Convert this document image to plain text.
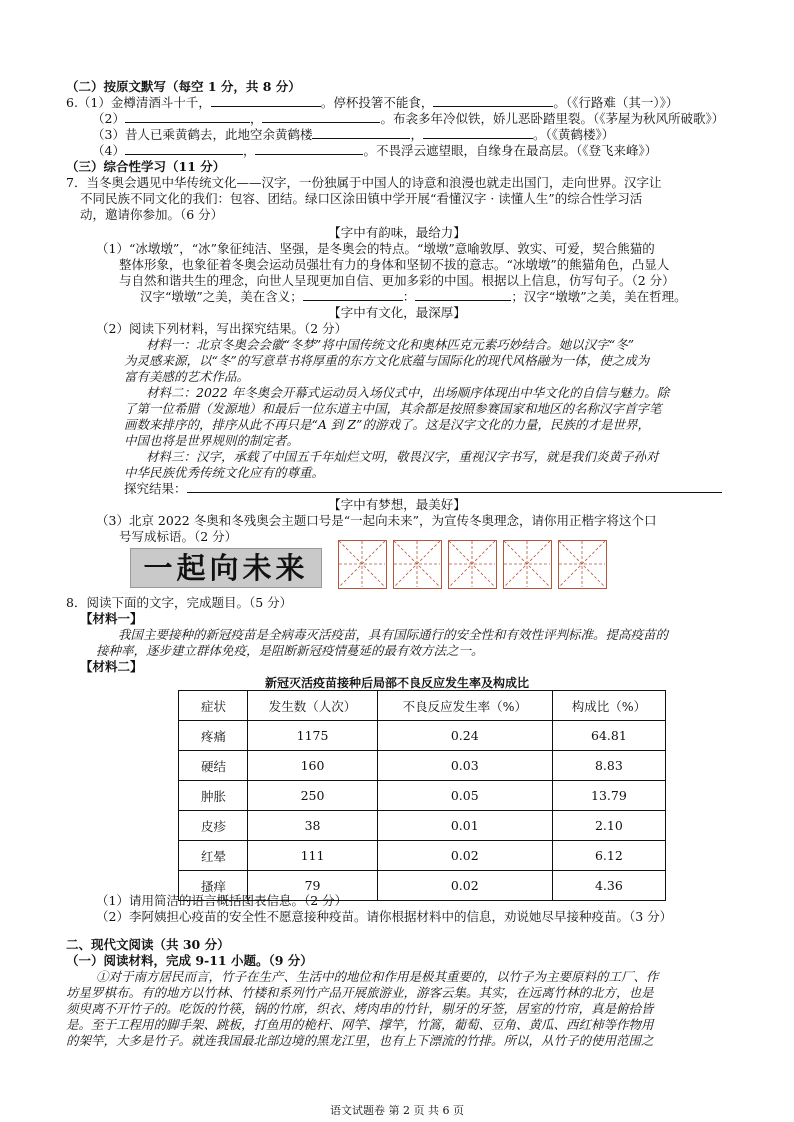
（二）按原文默写（每空 1 分，共 8 分）
6.（1）金樽清酒斗十千，	。停杯投箸不能食，	。（《行路难（其一）》）
（2）	，	。布衾多年冷似铁，娇儿恶卧踏里裂。（《茅屋为秋风所破歌》）
（3）昔人已乘黄鹤去，此地空余黄鹤楼	，	。（《黄鹤楼》）
（4）	，	。不畏浮云遮望眼，自缘身在最高层。（《登飞来峰》）
（三）综合性学习（11 分）
7．当冬奥会遇见中华传统文化——汉字，一份独属于中国人的诗意和浪漫也就走出国门，走向世界。汉字让
不同民族不同文化的我们：包容、团结。绿口区涂田镇中学开展“看懂汉字 · 读懂人生”的综合性学习活
动，邀请你参加。（6 分）
【字中有韵味，最给力】
（1）“冰墩墩”，“冰”象征纯洁、坚强，是冬奥会的特点。“墩墩”意喻敦厚、敦实、可爱，契合熊猫的
整体形象，也象征着冬奥会运动员强壮有力的身体和坚韧不拔的意志。“冰墩墩”的熊猫角色，凸显人
与自然和谐共生的理念，向世人呈现更加自信、更加多彩的中国。根据以上信息，仿写句子。（2 分）
汉字“墩墩”之美，美在含义；	：	；汉字“墩墩”之美，美在哲理。
【字中有文化，最深厚】
（2）阅读下列材料，写出探究结果。（2 分）
材料一：北京冬奥会会徽“冬梦”将中国传统文化和奥林匹克元素巧妙结合。她以汉字“冬”
为灵感来源，以“冬”的写意草书将厚重的东方文化底蕴与国际化的现代风格融为一体，使之成为
富有美感的艺术作品。
材料二：2022 年冬奥会开幕式运动员入场仪式中，出场顺序体现出中华文化的自信与魅力。除
了第一位希腊（发源地）和最后一位东道主中国，其余都是按照参赛国家和地区的名称汉字首字笔
画数来排序的，排序从此不再只是“A 到 Z”的游戏了。这是汉字文化的力量，民族的才是世界，
中国也将是世界规则的制定者。
材料三：汉字，承载了中国五千年灿烂文明，敬畏汉字，重视汉字书写，就是我们炎黄子孙对
中华民族优秀传统文化应有的尊重。
探究结果：
【字中有梦想，最美好】
（3）北京 2022 冬奥和冬残奥会主题口号是“一起向未来”，为宣传冬奥理念，请你用正楷字将这个口
号写成标语。（2 分）
一起向未来
8．阅读下面的文字，完成题目。（5 分）
【材料一】
我国主要接种的新冠疫苗是全病毒灭活疫苗，具有国际通行的安全性和有效性评判标准。提高疫苗的
接种率，逐步建立群体免疫，是阻断新冠疫情蔓延的最有效方法之一。
【材料二】
新冠灭活疫苗接种后局部不良反应发生率及构成比
症状	发生数（人次）	不良反应发生率（%）	构成比（%）
疼痛	1175	0.24	64.81
硬结	160	0.03	8.83
肿胀	250	0.05	13.79
皮疹	38	0.01	2.10
红晕	111	0.02	6.12
搔痒	79	0.02	4.36
（1）请用简洁的语言概括图表信息。（2 分）
（2）李阿姨担心疫苗的安全性不愿意接种疫苗。请你根据材料中的信息，劝说她尽早接种疫苗。（3 分）
二、现代文阅读（共 30 分）
（一）阅读材料，完成 9-11 小题。（9 分）
①对于南方居民而言，竹子在生产、生活中的地位和作用是极其重要的，以竹子为主要原料的工厂、作
坊星罗棋布。有的地方以竹林、竹楼和系列竹产品开展旅游业，游客云集。其实，在远离竹林的北方，也是
须臾离不开竹子的。吃饭的竹筷，锅的竹席，织衣、烤肉串的竹针，剔牙的牙签，居室的竹帘，真是俯拾皆
是。至于工程用的脚手架、跳板，打鱼用的桅杆、网竿、撑竿，竹篙，葡萄、豆角、黄瓜、西红柿等作物用
的架竿，大多是竹子。就连我国最北部边境的黑龙江里，也有上下漂流的竹排。所以，从竹子的使用范围之
语文试题卷 第 2 页 共 6 页
